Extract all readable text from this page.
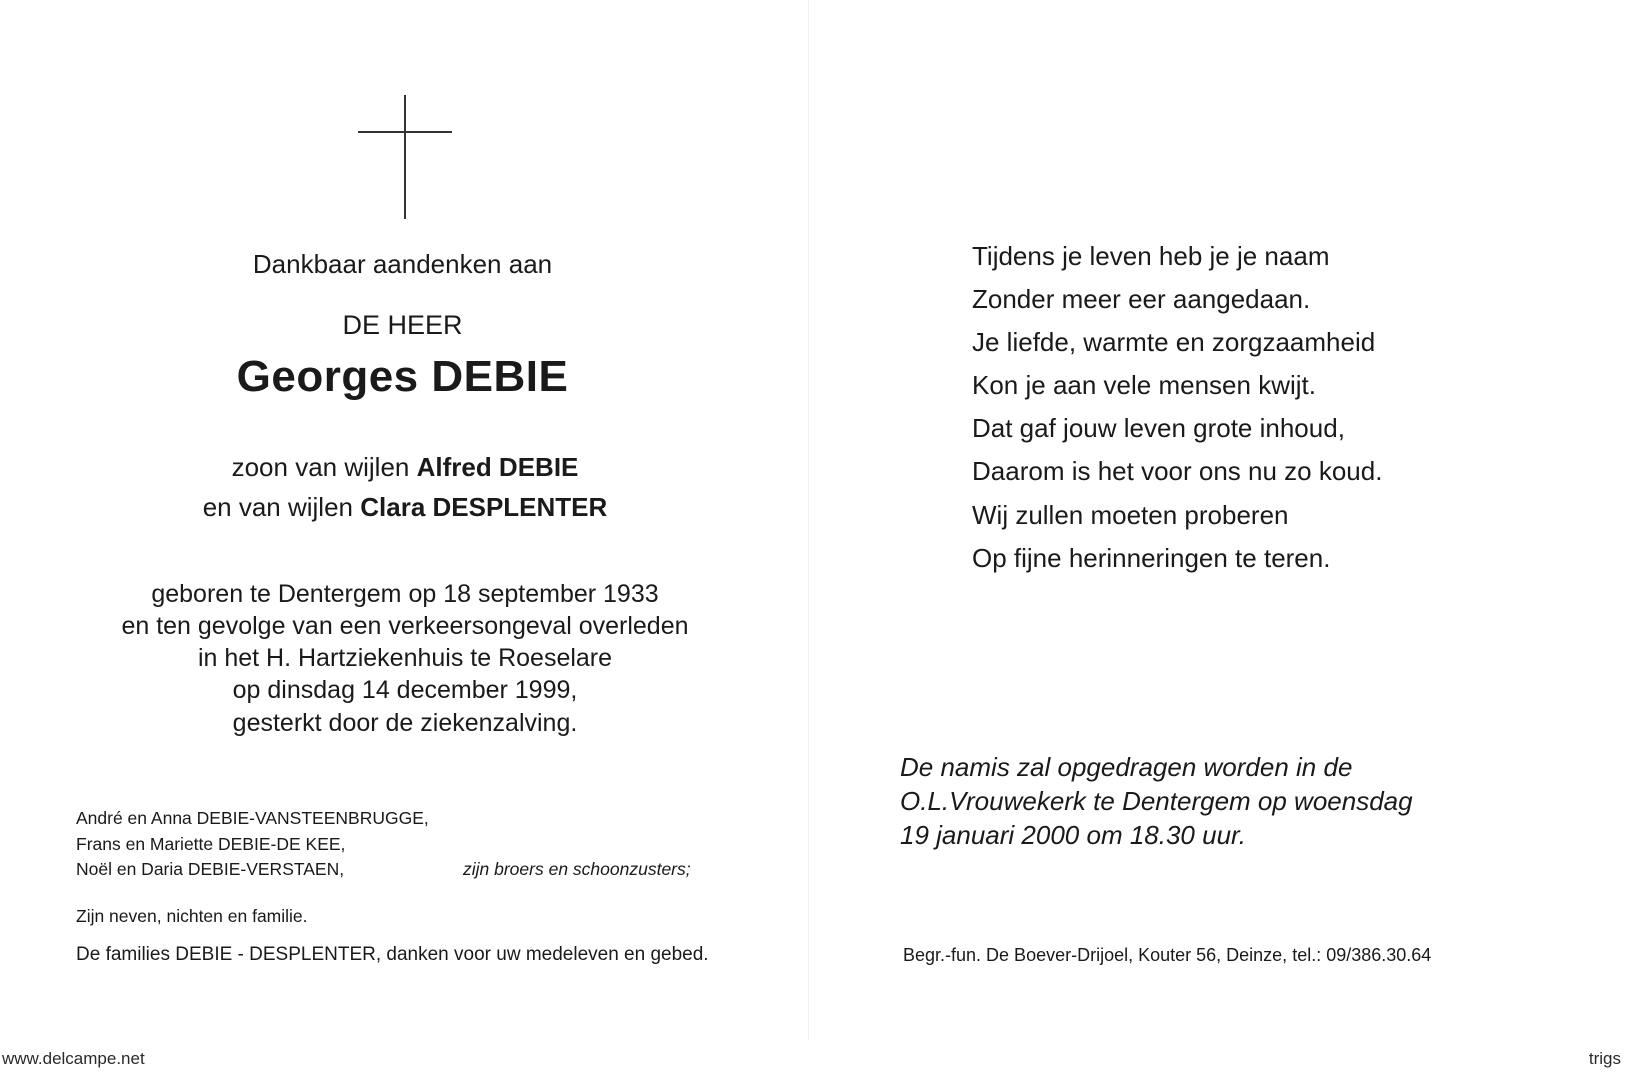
Dankbaar aandenken aan
DE HEER
Georges DEBIE
zoon van wijlen Alfred DEBIE
en van wijlen Clara DESPLENTER
geboren te Dentergem op 18 september 1933
en ten gevolge van een verkeersongeval overleden
in het H. Hartziekenhuis te Roeselare
op dinsdag 14 december 1999,
gesterkt door de ziekenzalving.
André en Anna DEBIE-VANSTEENBRUGGE,
Frans en Mariette DEBIE-DE KEE,
Noël en Daria DEBIE-VERSTAEN,	zijn broers en schoonzusters;
Zijn neven, nichten en familie.
De families DEBIE - DESPLENTER, danken voor uw medeleven en gebed.
Tijdens je leven heb je je naam
Zonder meer eer aangedaan.
Je liefde, warmte en zorgzaamheid
Kon je aan vele mensen kwijt.
Dat gaf jouw leven grote inhoud,
Daarom is het voor ons nu zo koud.
Wij zullen moeten proberen
Op fijne herinneringen te teren.
De namis zal opgedragen worden in de
O.L.Vrouwekerk te Dentergem op woensdag
19 januari 2000 om 18.30 uur.
Begr.-fun. De Boever-Drijoel, Kouter 56, Deinze, tel.: 09/386.30.64
www.delcampe.net	trigs
